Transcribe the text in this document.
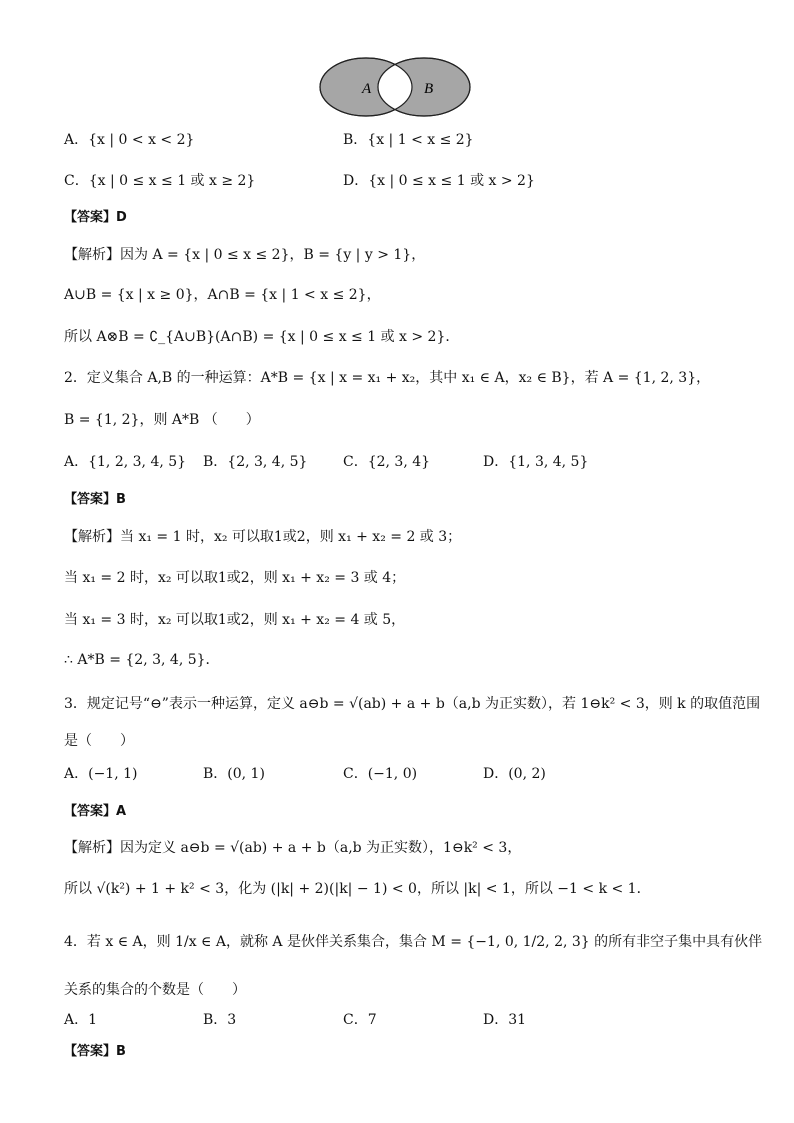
A	B
A．{x | 0 < x < 2}	B．{x | 1 < x ≤ 2}
C．{x | 0 ≤ x ≤ 1 或 x ≥ 2}	D．{x | 0 ≤ x ≤ 1 或 x > 2}
【答案】D
【解析】因为 A = {x | 0 ≤ x ≤ 2}，B = {y | y > 1}，
A∪B = {x | x ≥ 0}，A∩B = {x | 1 < x ≤ 2}，
所以 A⊗B = ∁_{A∪B}(A∩B) = {x | 0 ≤ x ≤ 1 或 x > 2}．
2．定义集合 A,B 的一种运算：A*B = {x | x = x₁ + x₂，其中 x₁ ∈ A，x₂ ∈ B}，若 A = {1, 2, 3}，
B = {1, 2}，则 A*B （　　）
A．{1, 2, 3, 4, 5} B．{2, 3, 4, 5}	C．{2, 3, 4}	D．{1, 3, 4, 5}
【答案】B
【解析】当 x₁ = 1 时，x₂ 可以取1或2，则 x₁ + x₂ = 2 或 3；
当 x₁ = 2 时，x₂ 可以取1或2，则 x₁ + x₂ = 3 或 4；
当 x₁ = 3 时，x₂ 可以取1或2，则 x₁ + x₂ = 4 或 5，
∴ A*B = {2, 3, 4, 5}．
3．规定记号“⊖”表示一种运算，定义 a⊖b = √(ab) + a + b（a,b 为正实数），若 1⊖k² < 3，则 k 的取值范围
是（　　）
A．(−1, 1)	B．(0, 1)	C．(−1, 0)	D．(0, 2)
【答案】A
【解析】因为定义 a⊖b = √(ab) + a + b（a,b 为正实数），1⊖k² < 3，
所以 √(k²) + 1 + k² < 3，化为 (|k| + 2)(|k| − 1) < 0，所以 |k| < 1，所以 −1 < k < 1．
4．若 x ∈ A，则 1/x ∈ A，就称 A 是伙伴关系集合，集合 M = {−1, 0, 1/2, 2, 3} 的所有非空子集中具有伙伴
关系的集合的个数是（　　）
A．1	B．3	C．7	D．31
【答案】B
